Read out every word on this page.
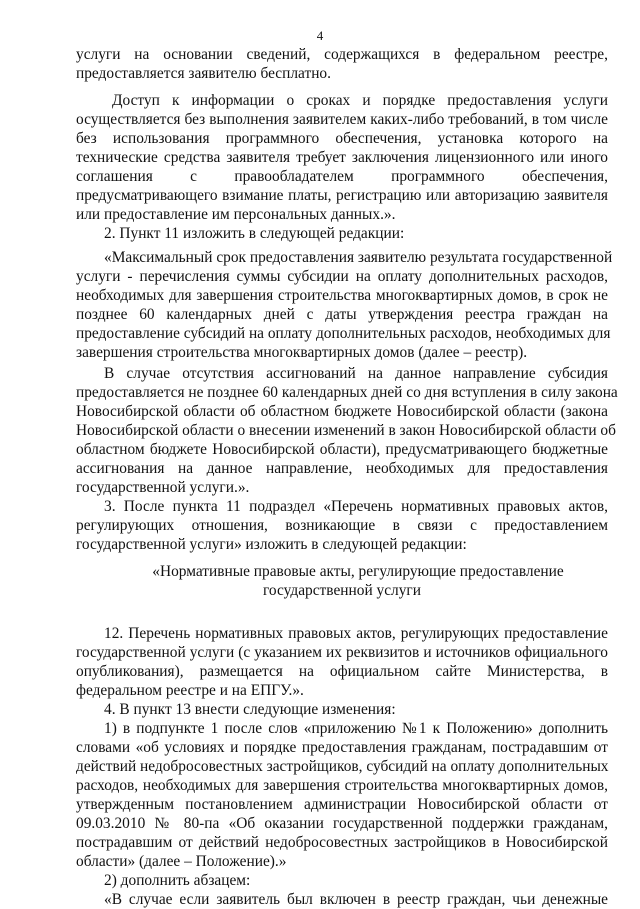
4
услуги на основании сведений, содержащихся в федеральном реестре,
предоставляется заявителю бесплатно.
Доступ к информации о сроках и порядке предоставления услуги
осуществляется без выполнения заявителем каких-либо требований, в том числе
без использования программного обеспечения, установка которого на
технические средства заявителя требует заключения лицензионного или иного
соглашения с правообладателем программного обеспечения,
предусматривающего взимание платы, регистрацию или авторизацию заявителя
или предоставление им персональных данных.».
2. Пункт 11 изложить в следующей редакции:
«Максимальный срок предоставления заявителю результата государственной
услуги - перечисления суммы субсидии на оплату дополнительных расходов,
необходимых для завершения строительства многоквартирных домов, в срок не
позднее 60 календарных дней с даты утверждения реестра граждан на
предоставление субсидий на оплату дополнительных расходов, необходимых для
завершения строительства многоквартирных домов (далее – реестр).
В случае отсутствия ассигнований на данное направление субсидия
предоставляется не позднее 60 календарных дней со дня вступления в силу закона
Новосибирской области об областном бюджете Новосибирской области (закона
Новосибирской области о внесении изменений в закон Новосибирской области об
областном бюджете Новосибирской области), предусматривающего бюджетные
ассигнования на данное направление, необходимых для предоставления
государственной услуги.».
3. После пункта 11 подраздел «Перечень нормативных правовых актов,
регулирующих отношения, возникающие в связи с предоставлением
государственной услуги» изложить в следующей редакции:
«Нормативные правовые акты, регулирующие предоставление
государственной услуги
12. Перечень нормативных правовых актов, регулирующих предоставление
государственной услуги (с указанием их реквизитов и источников официального
опубликования), размещается на официальном сайте Министерства, в
федеральном реестре и на ЕПГУ.».
4. В пункт 13 внести следующие изменения:
1) в подпункте 1 после слов «приложению №1 к Положению» дополнить
словами «об условиях и порядке предоставления гражданам, пострадавшим от
действий недобросовестных застройщиков, субсидий на оплату дополнительных
расходов, необходимых для завершения строительства многоквартирных домов,
утвержденным постановлением администрации Новосибирской области от
09.03.2010 № 80-па «Об оказании государственной поддержки гражданам,
пострадавшим от действий недобросовестных застройщиков в Новосибирской
области» (далее – Положение).»
2) дополнить абзацем:
«В случае если заявитель был включен в реестр граждан, чьи денежные
